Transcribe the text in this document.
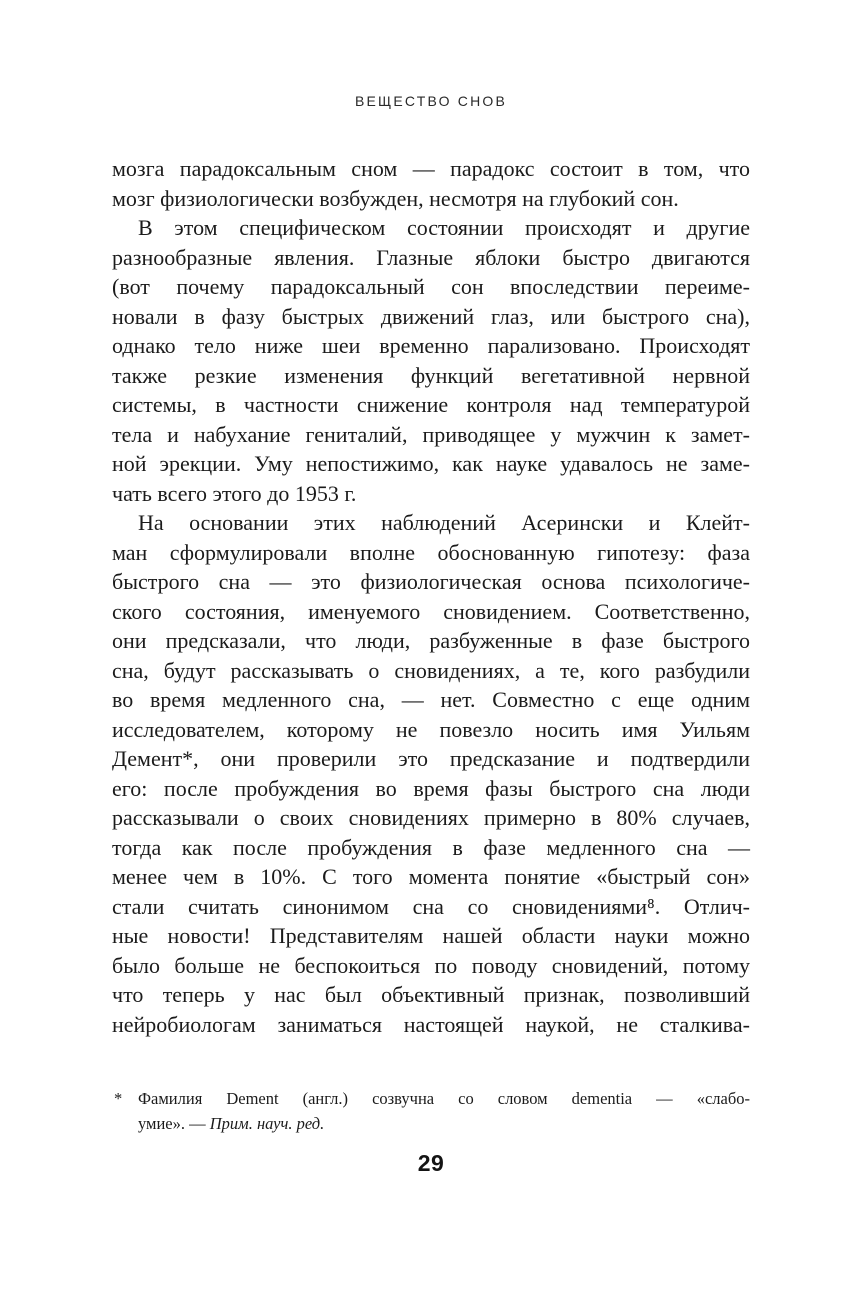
ВЕЩЕСТВО СНОВ
мозга парадоксальным сном — парадокс состоит в том, что
мозг физиологически возбужден, несмотря на глубокий сон.
В этом специфическом состоянии происходят и другие
разнообразные явления. Глазные яблоки быстро двигаются
(вот почему парадоксальный сон впоследствии переиме-
новали в фазу быстрых движений глаз, или быстрого сна),
однако тело ниже шеи временно парализовано. Происходят
также резкие изменения функций вегетативной нервной
системы, в частности снижение контроля над температурой
тела и набухание гениталий, приводящее у мужчин к замет-
ной эрекции. Уму непостижимо, как науке удавалось не заме-
чать всего этого до 1953 г.
На основании этих наблюдений Асерински и Клейт-
ман сформулировали вполне обоснованную гипотезу: фаза
быстрого сна — это физиологическая основа психологиче-
ского состояния, именуемого сновидением. Соответственно,
они предсказали, что люди, разбуженные в фазе быстрого
сна, будут рассказывать о сновидениях, а те, кого разбудили
во время медленного сна, — нет. Совместно с еще одним
исследователем, которому не повезло носить имя Уильям
Демент*, они проверили это предсказание и подтвердили
его: после пробуждения во время фазы быстрого сна люди
рассказывали о своих сновидениях примерно в 80% случаев,
тогда как после пробуждения в фазе медленного сна —
менее чем в 10%. С того момента понятие «быстрый сон»
стали считать синонимом сна со сновидениями⁸. Отлич-
ные новости! Представителям нашей области науки можно
было больше не беспокоиться по поводу сновидений, потому
что теперь у нас был объективный признак, позволивший
нейробиологам заниматься настоящей наукой, не сталкива-
* Фамилия Dement (англ.) созвучна со словом dementia — «слабо-
умие». — Прим. науч. ред.
29
